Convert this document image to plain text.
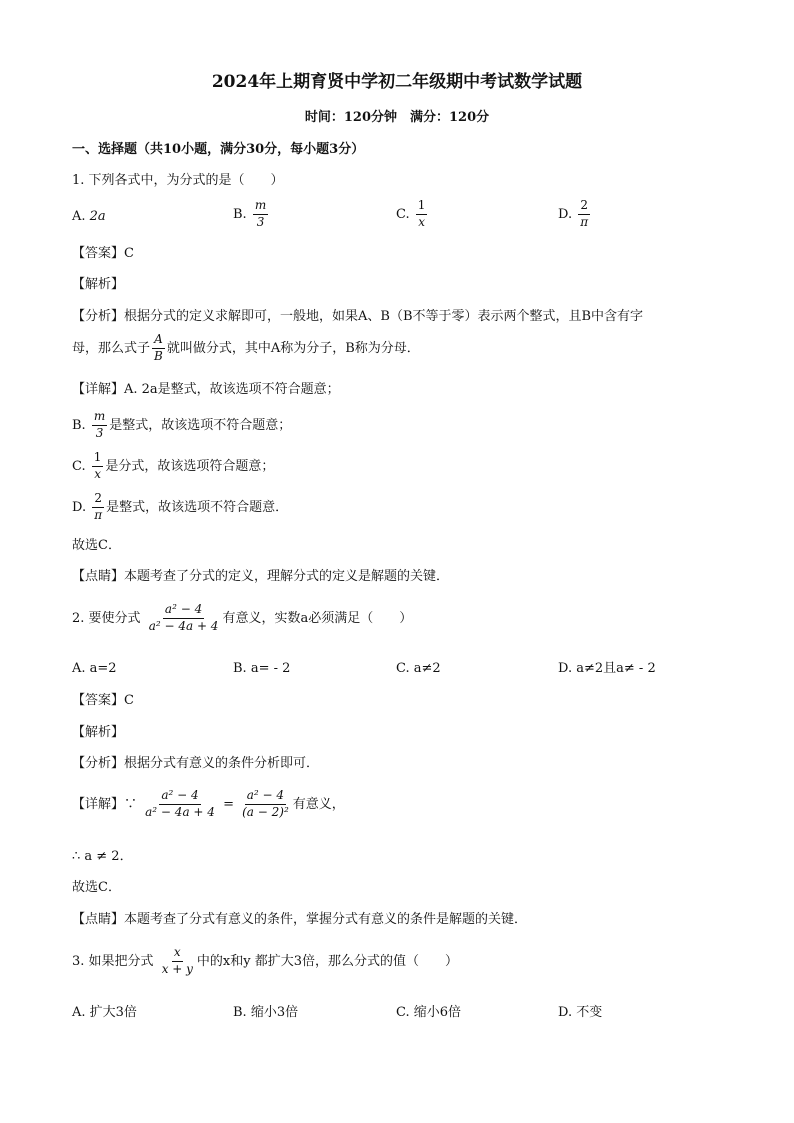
2024年上期育贤中学初二年级期中考试数学试题
时间：120分钟　满分：120分
一、选择题（共10小题，满分30分，每小题3分）
1. 下列各式中，为分式的是（　　）
A. 2a	B. $\frac{m}{3}$	C. $\frac{1}{x}$	D. $\frac{2}{\pi}$
【答案】C
【解析】
【分析】根据分式的定义求解即可，一般地，如果A、B（B不等于零）表示两个整式，且B中含有字
母，那么式子 $\frac{A}{B}$ 就叫做分式，其中A称为分子，B称为分母．
【详解】A. 2a是整式，故该选项不符合题意；
B. $\frac{m}{3}$ 是整式，故该选项不符合题意；
C. $\frac{1}{x}$ 是分式，故该选项符合题意；
D. $\frac{2}{\pi}$ 是整式，故该选项不符合题意．
故选C．
【点睛】本题考查了分式的定义，理解分式的定义是解题的关键．
2. 要使分式 $\frac{\text{a² − 4}}{\text{a² − 4a + 4}}$ 有意义，实数a必须满足（　　）
A. a=2	B. a= - 2	C. a≠2	D. a≠2且a≠ - 2
【答案】C
【解析】
【分析】根据分式有意义的条件分析即可．
【详解】∵ $\frac{\text{a² − 4}}{\text{a² − 4a + 4}} = \frac{\text{a² − 4}}{\text{(a − 2)²}}$ 有意义，
∴ a ≠ 2．
故选C．
【点睛】本题考查了分式有意义的条件，掌握分式有意义的条件是解题的关键．
3. 如果把分式 $\frac{x}{x + y}$ 中的x和y 都扩大3倍，那么分式的值（　　）
A. 扩大3倍	B. 缩小3倍	C. 缩小6倍	D. 不变
